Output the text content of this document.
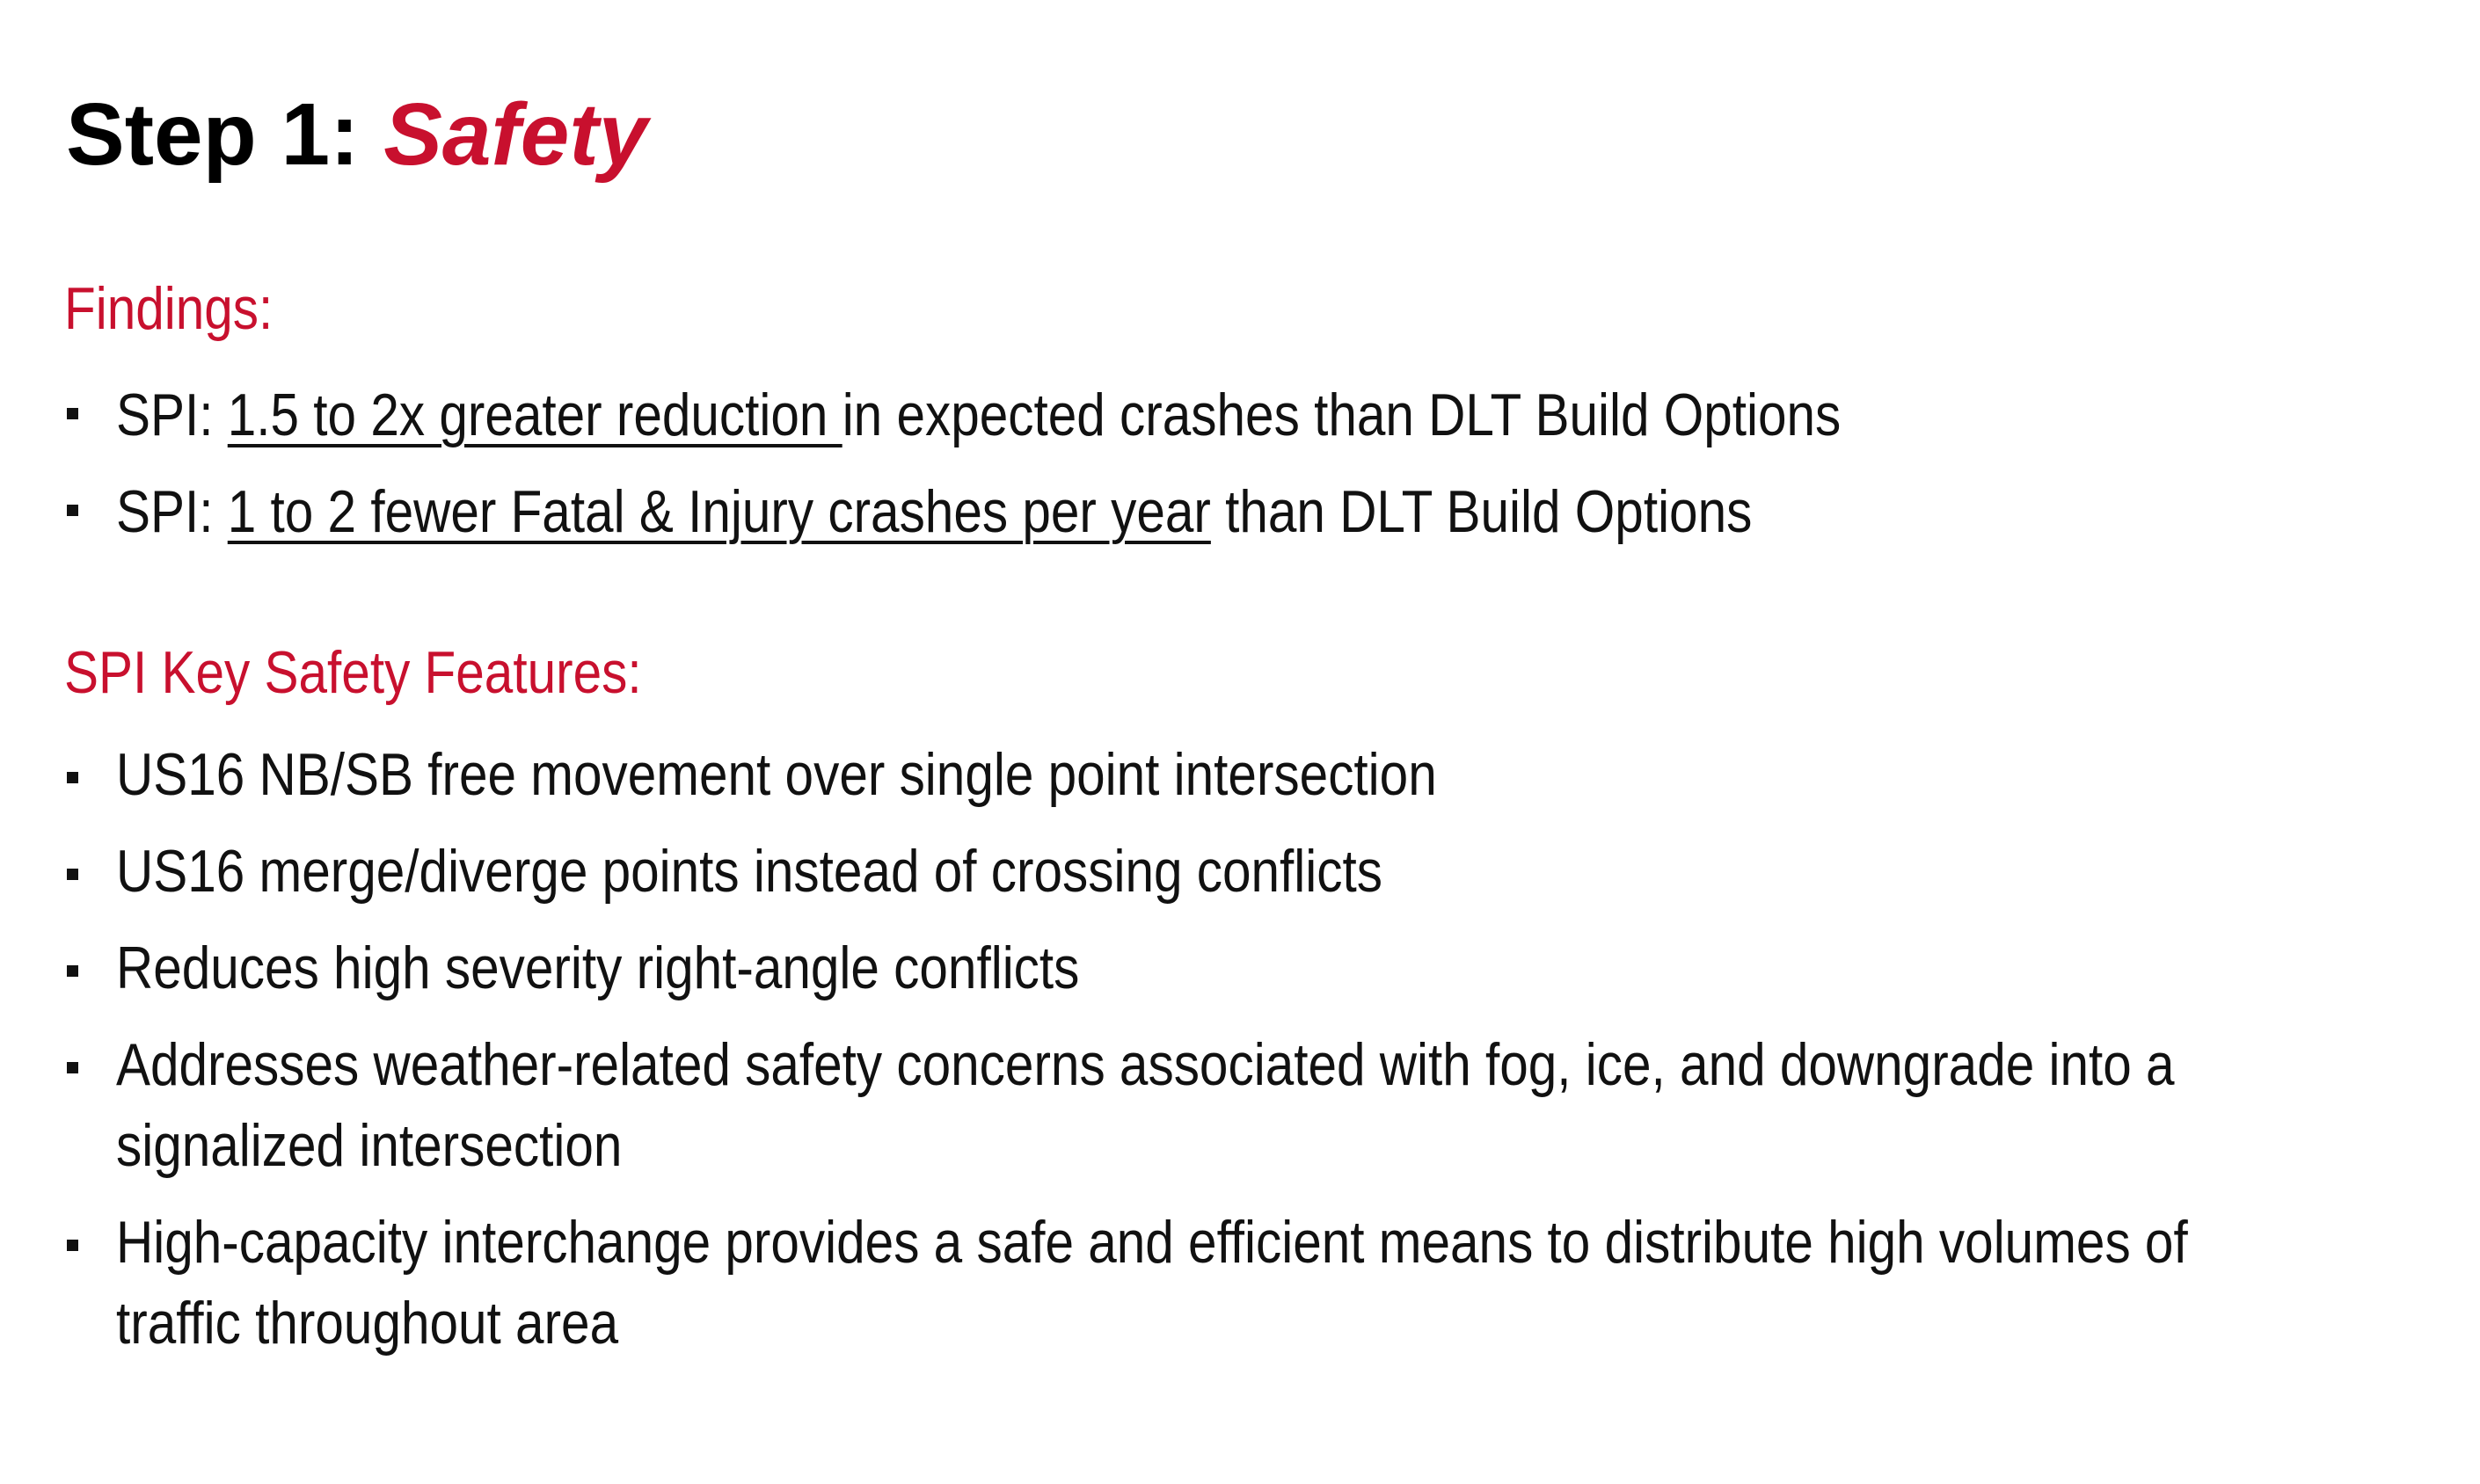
Step 1: Safety
Findings:
SPI: 1.5 to 2x greater reduction in expected crashes than DLT Build Options
SPI: 1 to 2 fewer Fatal & Injury crashes per year than DLT Build Options
SPI Key Safety Features:
US16 NB/SB free movement over single point intersection
US16 merge/diverge points instead of crossing conflicts
Reduces high severity right-angle conflicts
Addresses weather-related safety concerns associated with fog, ice, and downgrade into a
signalized intersection
High-capacity interchange provides a safe and efficient means to distribute high volumes of
traffic throughout area
